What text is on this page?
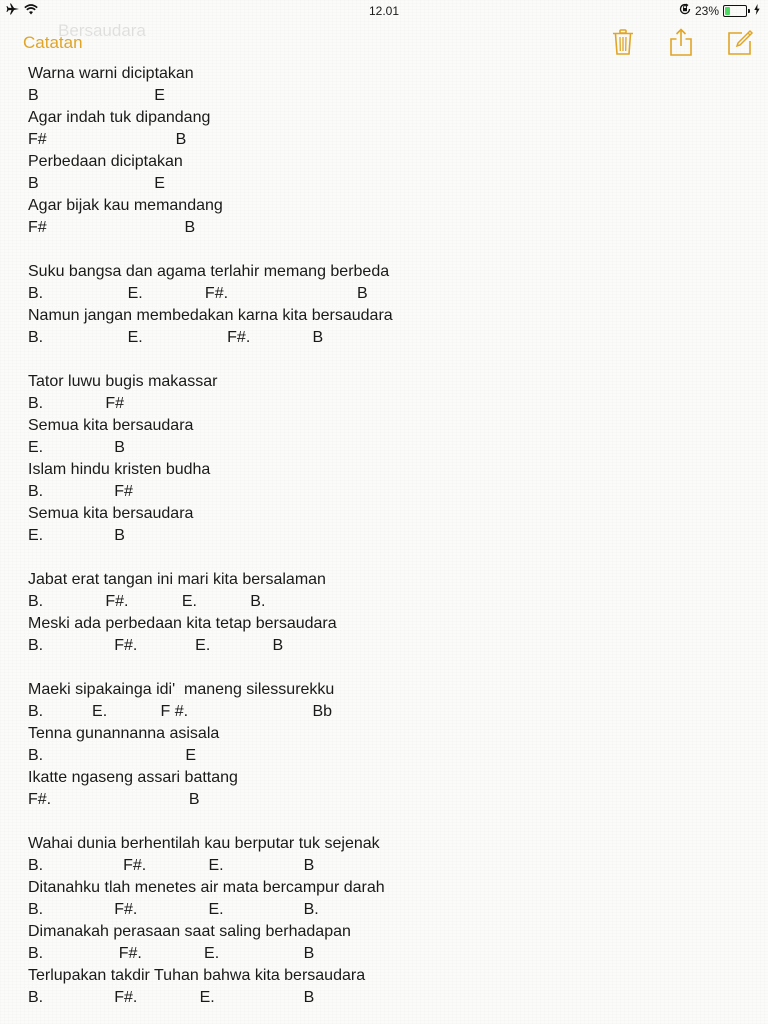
12.01	23%
Bersaudara
Catatan
Warna warni diciptakan
B                          E
Agar indah tuk dipandang
F#                             B
Perbedaan diciptakan
B                          E
Agar bijak kau memandang
F#                               B
Suku bangsa dan agama terlahir memang berbeda
B.                   E.              F#.                             B
Namun jangan membedakan karna kita bersaudara
B.                   E.                   F#.              B
Tator luwu bugis makassar
B.              F#
Semua kita bersaudara
E.                B
Islam hindu kristen budha
B.                F#
Semua kita bersaudara
E.                B
Jabat erat tangan ini mari kita bersalaman
B.              F#.            E.            B.
Meski ada perbedaan kita tetap bersaudara
B.                F#.             E.              B
Maeki sipakainga idi'  maneng silessurekku
B.           E.            F #.                            Bb
Tenna gunannanna asisala
B.                                E
Ikatte ngaseng assari battang
F#.                               B
Wahai dunia berhentilah kau berputar tuk sejenak
B.                  F#.              E.                  B
Ditanahku tlah menetes air mata bercampur darah
B.                F#.                E.                  B.
Dimanakah perasaan saat saling berhadapan
B.                 F#.              E.                   B
Terlupakan takdir Tuhan bahwa kita bersaudara
B.                F#.              E.                    B
